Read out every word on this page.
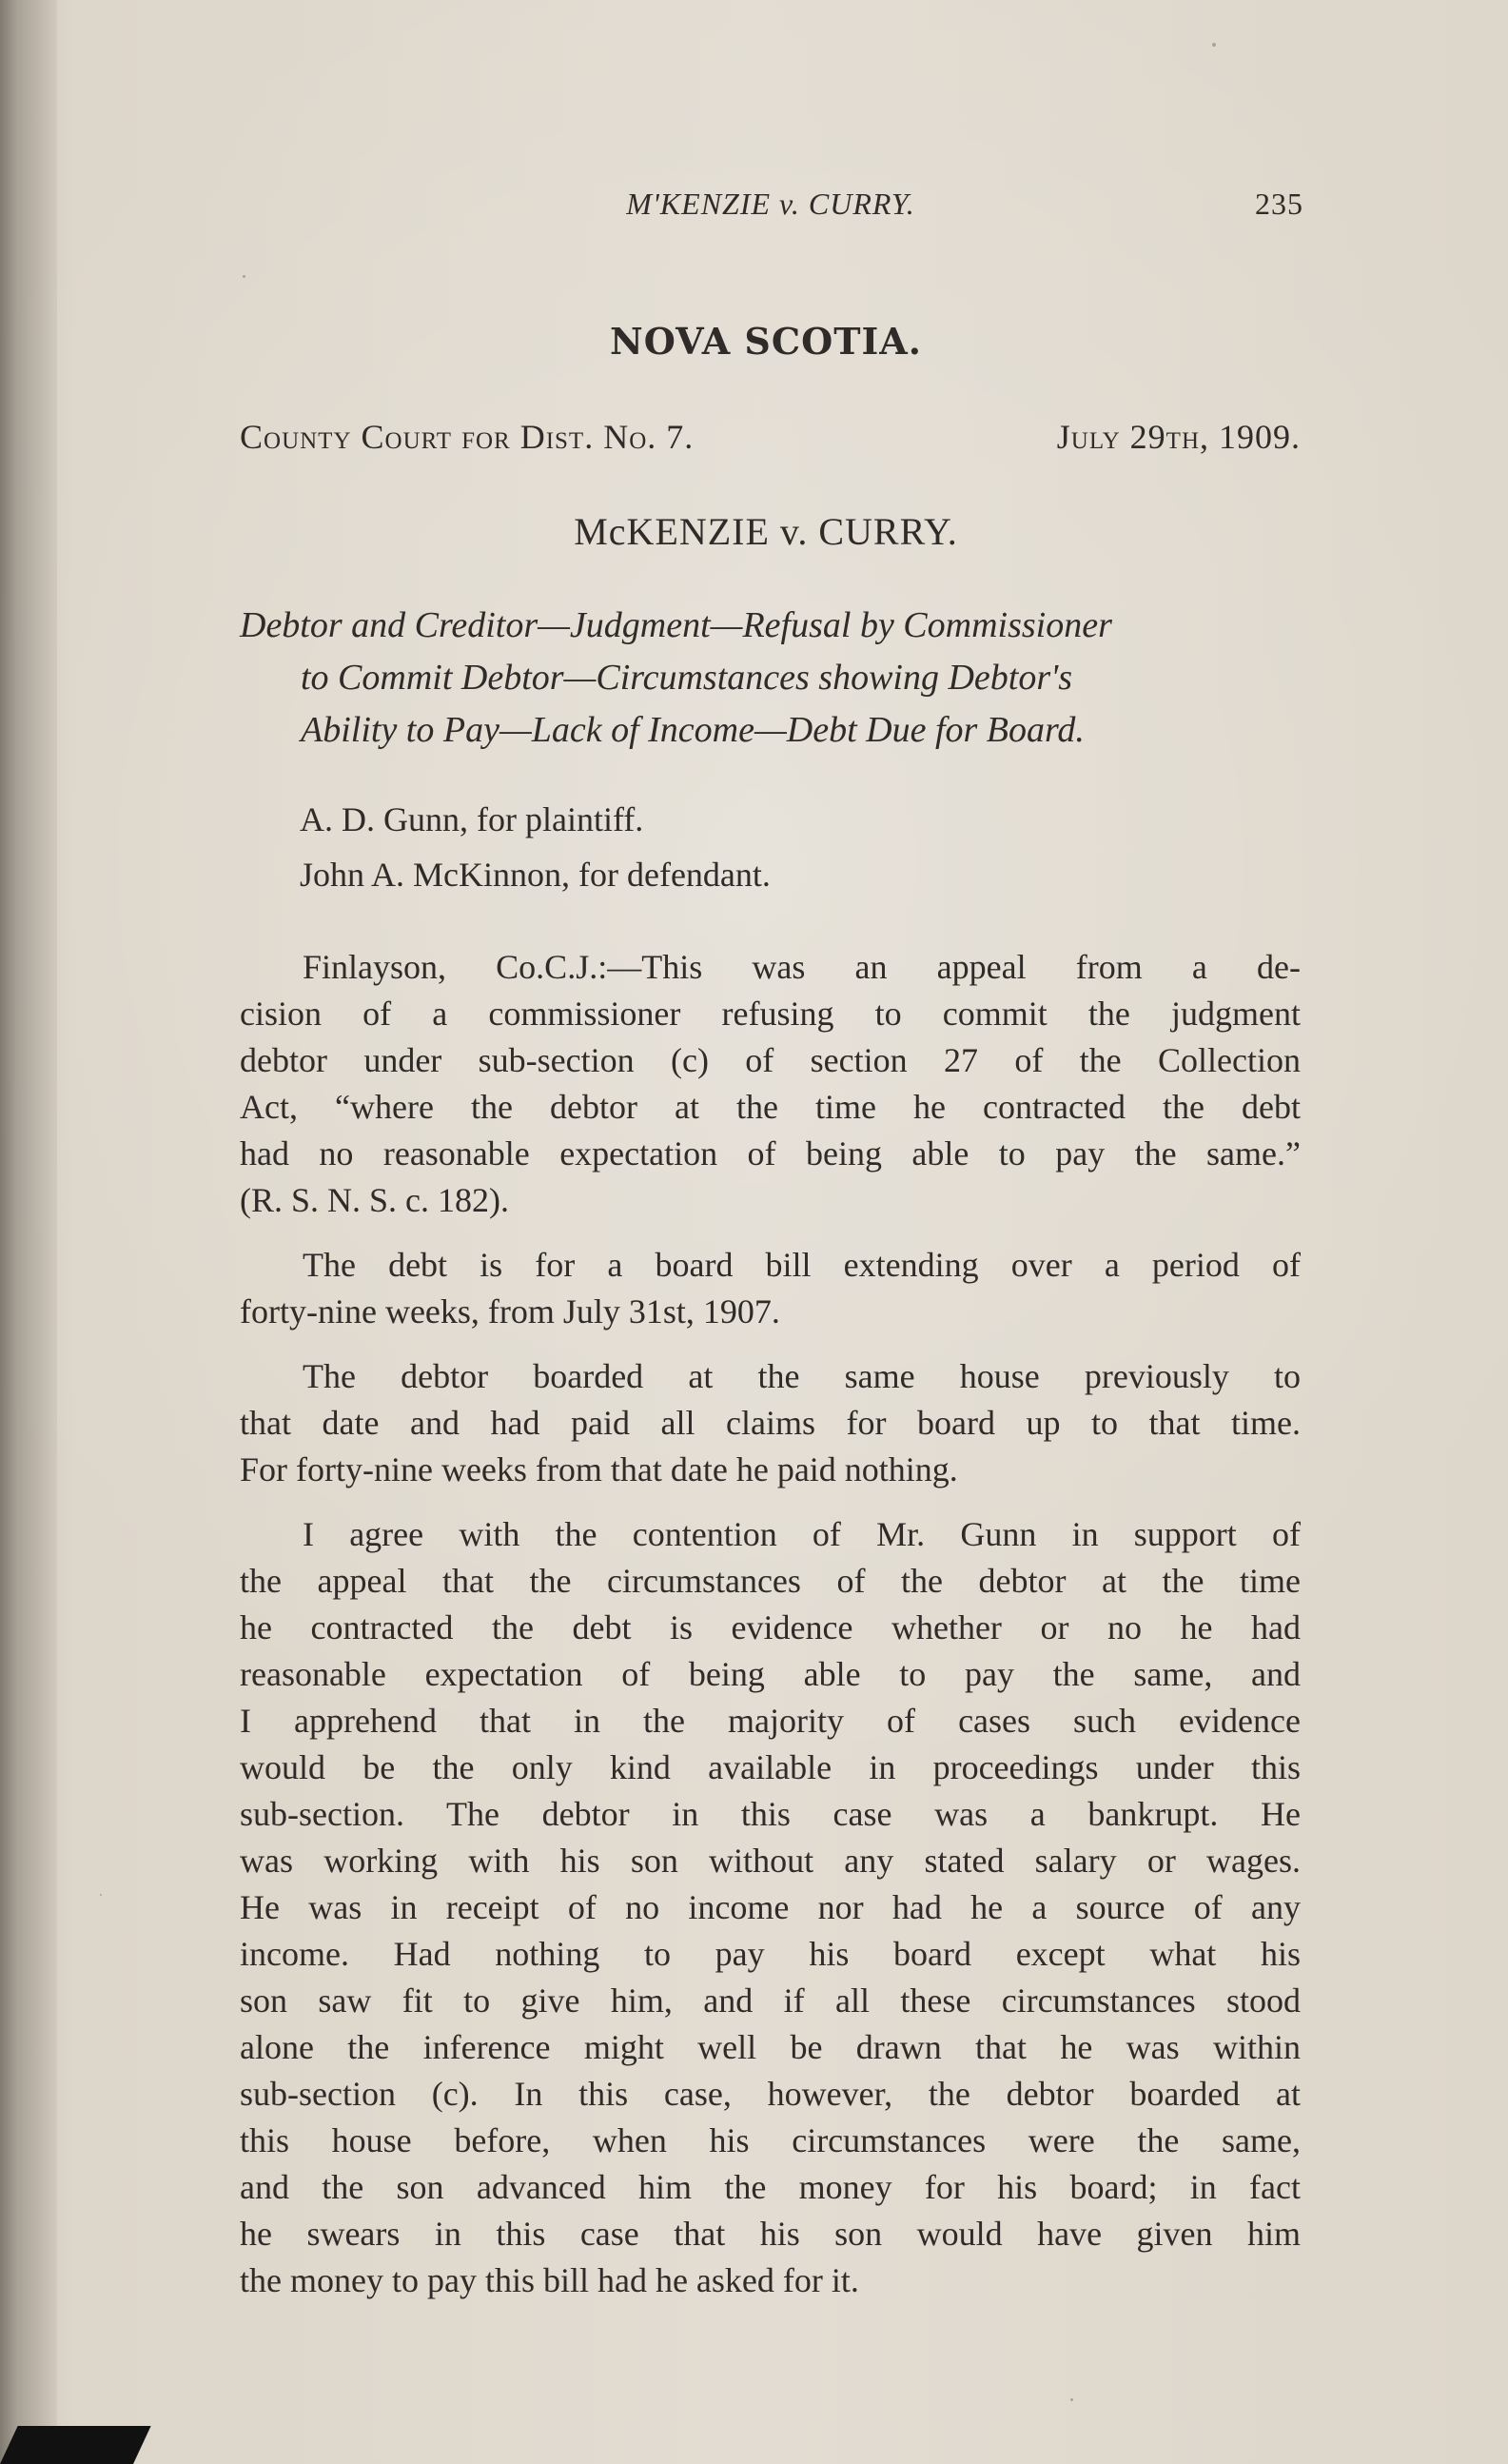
M'KENZIE v. CURRY.	235
NOVA SCOTIA.
County Court for Dist. No. 7.	July 29th, 1909.
McKENZIE v. CURRY.
Debtor and Creditor—Judgment—Refusal by Commissioner
to Commit Debtor—Circumstances showing Debtor's
Ability to Pay—Lack of Income—Debt Due for Board.
A. D. Gunn, for plaintiff.
John A. McKinnon, for defendant.
Finlayson, Co.C.J.:—This was an appeal from a de-
cision of a commissioner refusing to commit the judgment
debtor under sub-section (c) of section 27 of the Collection
Act, “where the debtor at the time he contracted the debt
had no reasonable expectation of being able to pay the same.”
(R. S. N. S. c. 182).
The debt is for a board bill extending over a period of
forty-nine weeks, from July 31st, 1907.
The debtor boarded at the same house previously to
that date and had paid all claims for board up to that time.
For forty-nine weeks from that date he paid nothing.
I agree with the contention of Mr. Gunn in support of
the appeal that the circumstances of the debtor at the time
he contracted the debt is evidence whether or no he had
reasonable expectation of being able to pay the same, and
I apprehend that in the majority of cases such evidence
would be the only kind available in proceedings under this
sub-section. The debtor in this case was a bankrupt. He
was working with his son without any stated salary or wages.
He was in receipt of no income nor had he a source of any
income. Had nothing to pay his board except what his
son saw fit to give him, and if all these circumstances stood
alone the inference might well be drawn that he was within
sub-section (c). In this case, however, the debtor boarded at
this house before, when his circumstances were the same,
and the son advanced him the money for his board; in fact
he swears in this case that his son would have given him
the money to pay this bill had he asked for it.
